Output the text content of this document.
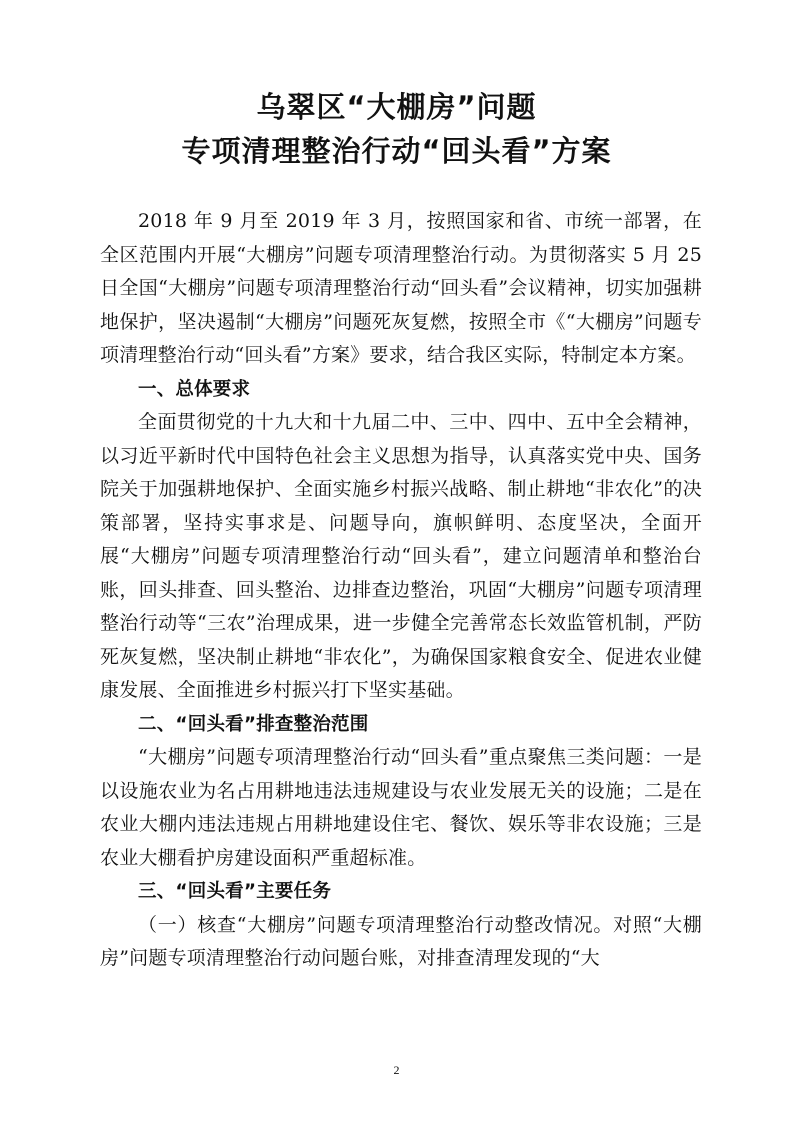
乌翠区“大棚房”问题
专项清理整治行动“回头看”方案

2018 年 9 月至 2019 年 3 月，按照国家和省、市统一部署，在全区范围内开展“大棚房”问题专项清理整治行动。为贯彻落实 5 月 25 日全国“大棚房”问题专项清理整治行动“回头看”会议精神，切实加强耕地保护，坚决遏制“大棚房”问题死灰复燃，按照全市《“大棚房”问题专项清理整治行动“回头看”方案》要求，结合我区实际，特制定本方案。

一、总体要求

全面贯彻党的十九大和十九届二中、三中、四中、五中全会精神，以习近平新时代中国特色社会主义思想为指导，认真落实党中央、国务院关于加强耕地保护、全面实施乡村振兴战略、制止耕地“非农化”的决策部署，坚持实事求是、问题导向，旗帜鲜明、态度坚决，全面开展“大棚房”问题专项清理整治行动“回头看”，建立问题清单和整治台账，回头排查、回头整治、边排查边整治，巩固“大棚房”问题专项清理整治行动等“三农”治理成果，进一步健全完善常态长效监管机制，严防死灰复燃，坚决制止耕地“非农化”，为确保国家粮食安全、促进农业健康发展、全面推进乡村振兴打下坚实基础。

二、“回头看”排查整治范围

“大棚房”问题专项清理整治行动“回头看”重点聚焦三类问题：一是以设施农业为名占用耕地违法违规建设与农业发展无关的设施；二是在农业大棚内违法违规占用耕地建设住宅、餐饮、娱乐等非农设施；三是农业大棚看护房建设面积严重超标准。

三、“回头看”主要任务

（一）核查“大棚房”问题专项清理整治行动整改情况。对照“大棚房”问题专项清理整治行动问题台账，对排查清理发现的“大

2
